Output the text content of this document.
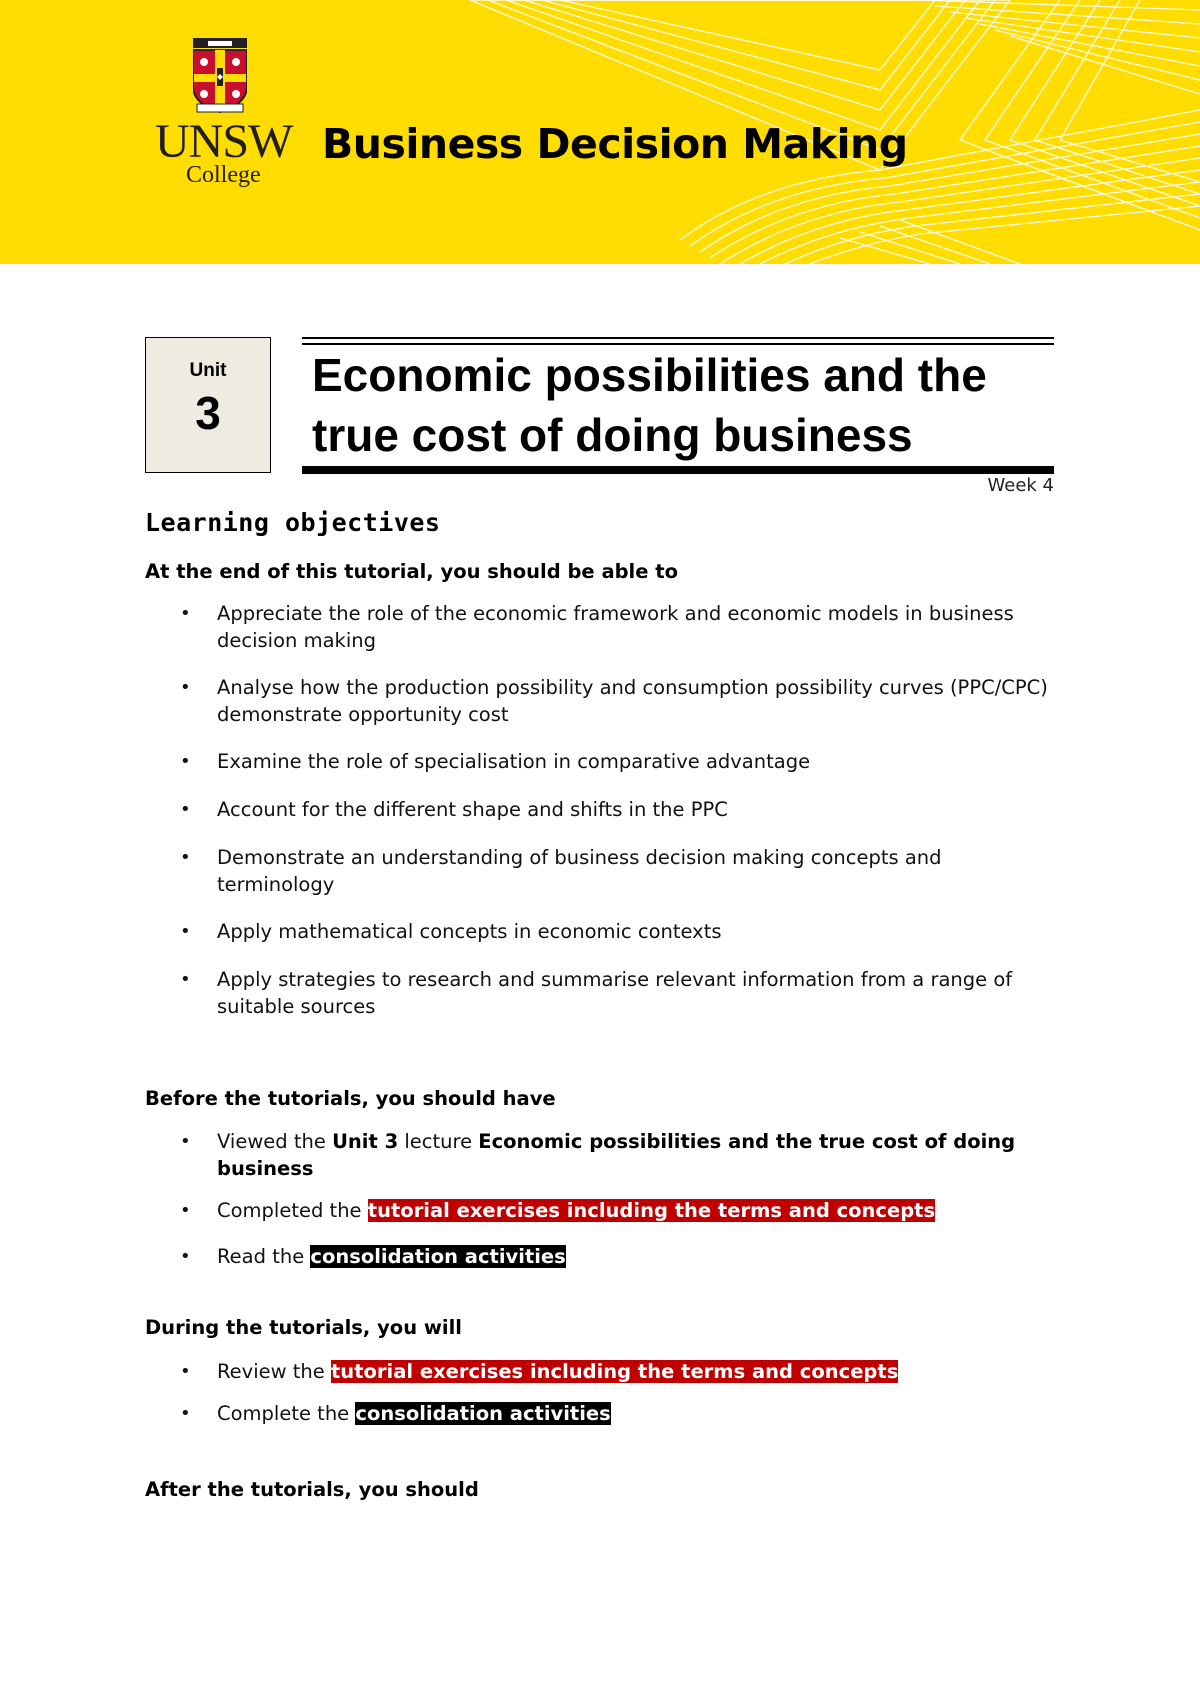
UNSW
College
Business Decision Making
Unit
3
Economic possibilities and the
true cost of doing business
Week 4
Learning objectives
At the end of this tutorial, you should be able to
• Appreciate the role of the economic framework and economic models in business decision making
• Analyse how the production possibility and consumption possibility curves (PPC/CPC) demonstrate opportunity cost
• Examine the role of specialisation in comparative advantage
• Account for the different shape and shifts in the PPC
• Demonstrate an understanding of business decision making concepts and terminology
• Apply mathematical concepts in economic contexts
• Apply strategies to research and summarise relevant information from a range of suitable sources
Before the tutorials, you should have
• Viewed the Unit 3 lecture Economic possibilities and the true cost of doing business
• Completed the tutorial exercises including the terms and concepts
• Read the consolidation activities
During the tutorials, you will
• Review the tutorial exercises including the terms and concepts
• Complete the consolidation activities
After the tutorials, you should
